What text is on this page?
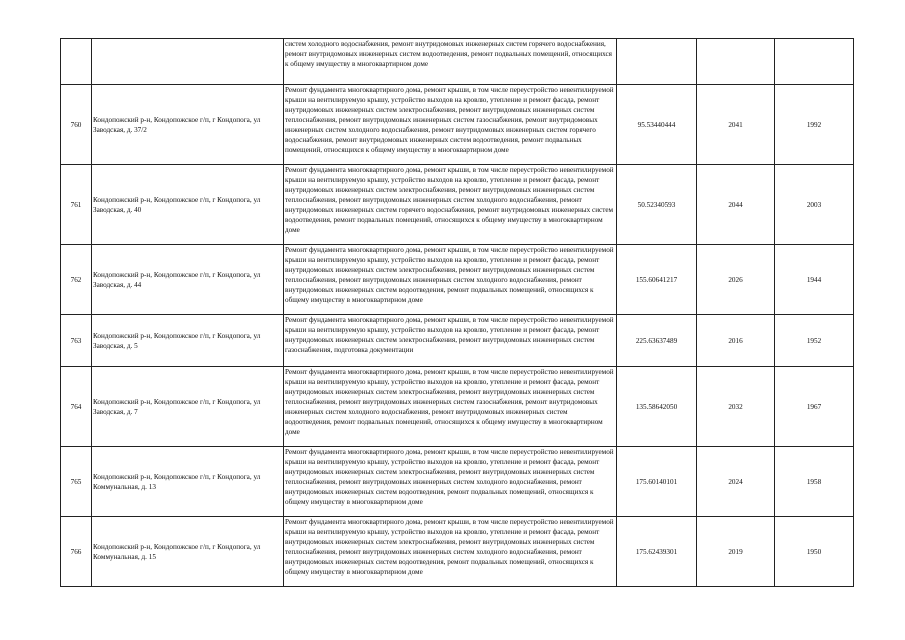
		систем холодного водоснабжения, ремонт внутридомовых инженерных систем горячего водоснабжения, ремонт внутридомовых инженерных систем водоотведения, ремонт подвальных помещений, относящихся к общему имуществу в многоквартирном доме			
760	Кондопожский р-н, Кондопожское г/п, г Кондопога, ул Заводская, д. 37/2	Ремонт фундамента многоквартирного дома, ремонт крыши, в том числе переустройство невентилируемой крыши на вентилируемую крышу, устройство выходов на кровлю, утепление и ремонт фасада, ремонт внутридомовых инженерных систем электроснабжения, ремонт внутридомовых инженерных систем теплоснабжения, ремонт внутридомовых инженерных систем газоснабжения, ремонт внутридомовых инженерных систем холодного водоснабжения, ремонт внутридомовых инженерных систем горячего водоснабжения, ремонт внутридомовых инженерных систем водоотведения, ремонт подвальных помещений, относящихся к общему имуществу в многоквартирном доме	95.53440444	2041	1992
761	Кондопожский р-н, Кондопожское г/п, г Кондопога, ул Заводская, д. 40	Ремонт фундамента многоквартирного дома, ремонт крыши, в том числе переустройство невентилируемой крыши на вентилируемую крышу, устройство выходов на кровлю, утепление и ремонт фасада, ремонт внутридомовых инженерных систем электроснабжения, ремонт внутридомовых инженерных систем теплоснабжения, ремонт внутридомовых инженерных систем холодного водоснабжения, ремонт внутридомовых инженерных систем горячего водоснабжения, ремонт внутридомовых инженерных систем водоотведения, ремонт подвальных помещений, относящихся к общему имуществу в многоквартирном доме	50.52340593	2044	2003
762	Кондопожский р-н, Кондопожское г/п, г Кондопога, ул Заводская, д. 44	Ремонт фундамента многоквартирного дома, ремонт крыши, в том числе переустройство невентилируемой крыши на вентилируемую крышу, устройство выходов на кровлю, утепление и ремонт фасада, ремонт внутридомовых инженерных систем электроснабжения, ремонт внутридомовых инженерных систем теплоснабжения, ремонт внутридомовых инженерных систем холодного водоснабжения, ремонт внутридомовых инженерных систем водоотведения, ремонт подвальных помещений, относящихся к общему имуществу в многоквартирном доме	155.60641217	2026	1944
763	Кондопожский р-н, Кондопожское г/п, г Кондопога, ул Заводская, д. 5	Ремонт фундамента многоквартирного дома, ремонт крыши, в том числе переустройство невентилируемой крыши на вентилируемую крышу, устройство выходов на кровлю, утепление и ремонт фасада, ремонт внутридомовых инженерных систем электроснабжения, ремонт внутридомовых инженерных систем газоснабжения, подготовка документации	225.63637489	2016	1952
764	Кондопожский р-н, Кондопожское г/п, г Кондопога, ул Заводская, д. 7	Ремонт фундамента многоквартирного дома, ремонт крыши, в том числе переустройство невентилируемой крыши на вентилируемую крышу, устройство выходов на кровлю, утепление и ремонт фасада, ремонт внутридомовых инженерных систем электроснабжения, ремонт внутридомовых инженерных систем теплоснабжения, ремонт внутридомовых инженерных систем газоснабжения, ремонт внутридомовых инженерных систем холодного водоснабжения, ремонт внутридомовых инженерных систем водоотведения, ремонт подвальных помещений, относящихся к общему имуществу в многоквартирном доме	135.58642050	2032	1967
765	Кондопожский р-н, Кондопожское г/п, г Кондопога, ул Коммунальная, д. 13	Ремонт фундамента многоквартирного дома, ремонт крыши, в том числе переустройство невентилируемой крыши на вентилируемую крышу, устройство выходов на кровлю, утепление и ремонт фасада, ремонт внутридомовых инженерных систем электроснабжения, ремонт внутридомовых инженерных систем теплоснабжения, ремонт внутридомовых инженерных систем холодного водоснабжения, ремонт внутридомовых инженерных систем водоотведения, ремонт подвальных помещений, относящихся к общему имуществу в многоквартирном доме	175.60140101	2024	1958
766	Кондопожский р-н, Кондопожское г/п, г Кондопога, ул Коммунальная, д. 15	Ремонт фундамента многоквартирного дома, ремонт крыши, в том числе переустройство невентилируемой крыши на вентилируемую крышу, устройство выходов на кровлю, утепление и ремонт фасада, ремонт внутридомовых инженерных систем электроснабжения, ремонт внутридомовых инженерных систем теплоснабжения, ремонт внутридомовых инженерных систем холодного водоснабжения, ремонт внутридомовых инженерных систем водоотведения, ремонт подвальных помещений, относящихся к общему имуществу в многоквартирном доме	175.62439301	2019	1950
